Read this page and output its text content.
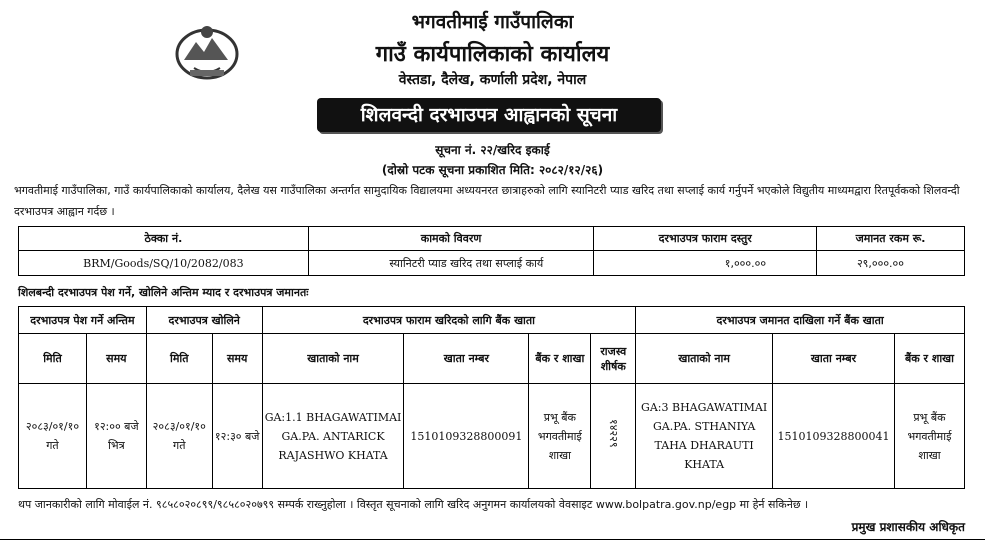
भगवतीमाई गाउँपालिका
गाउँ कार्यपालिकाको कार्यालय
वेस्तडा, दैलेख, कर्णाली प्रदेश, नेपाल
शिलवन्दी दरभाउपत्र आह्वानको सूचना
सूचना नं. २२/खरिद इकाई
(दोस्रो पटक सूचना प्रकाशित मिति: २०८२/१२/२६)
भगवतीमाई गाउँपालिका, गाउँ कार्यपालिकाको कार्यालय, दैलेख यस गाउँपालिका अन्तर्गत सामुदायिक विद्यालयमा अध्ययनरत छात्राहरुको लागि स्यानिटरी प्याड खरिद तथा सप्लाई कार्य गर्नुपर्ने भएकोले विद्युतीय माध्यमद्वारा रितपूर्वकको शिलवन्दी दरभाउपत्र आह्वान गर्दछ ।
ठेक्का नं.	कामको विवरण	दरभाउपत्र फाराम दस्तुर	जमानत रकम रू.
BRM/Goods/SQ/10/2082/083	स्यानिटरी प्याड खरिद तथा सप्लाई कार्य	१,०००.००	२९,०००.००
शिलबन्दी दरभाउपत्र पेश गर्ने, खोलिने अन्तिम म्याद र दरभाउपत्र जमानतः
दरभाउपत्र पेश गर्ने अन्तिम		दरभाउपत्र खोलिने		दरभाउपत्र फाराम खरिदको लागि बैंक खाता				दरभाउपत्र जमानत दाखिला गर्ने बैंक खाता		
मिति	समय	मिति	समय	खाताको नाम	खाता नम्बर	बैंक र शाखा	राजस्व शीर्षक	खाताको नाम	खाता नम्बर	बैंक र शाखा
२०८३/०१/१० गते	१२:०० बजे भित्र	२०८३/०१/१० गते	१२:३० बजे	GA:1.1 BHAGAWATIMAI GA.PA. ANTARICK RAJASHWO KHATA	1510109328800091	प्रभू बैंक भगवतीमाई शाखा	१४२२९	GA:3 BHAGAWATIMAI GA.PA. STHANIYA TAHA DHARAUTI KHATA	1510109328800041	प्रभू बैंक भगवतीमाई शाखा
थप जानकारीको लागि मोवाईल नं. ९८५८०२०८९९/९८५८०२०७९९ सम्पर्क राख्नुहोला । विस्तृत सूचनाको लागि खरिद अनुगमन कार्यालयको वेवसाइट www.bolpatra.gov.np/egp मा हेर्न सकिनेछ ।
प्रमुख प्रशासकीय अधिकृत
